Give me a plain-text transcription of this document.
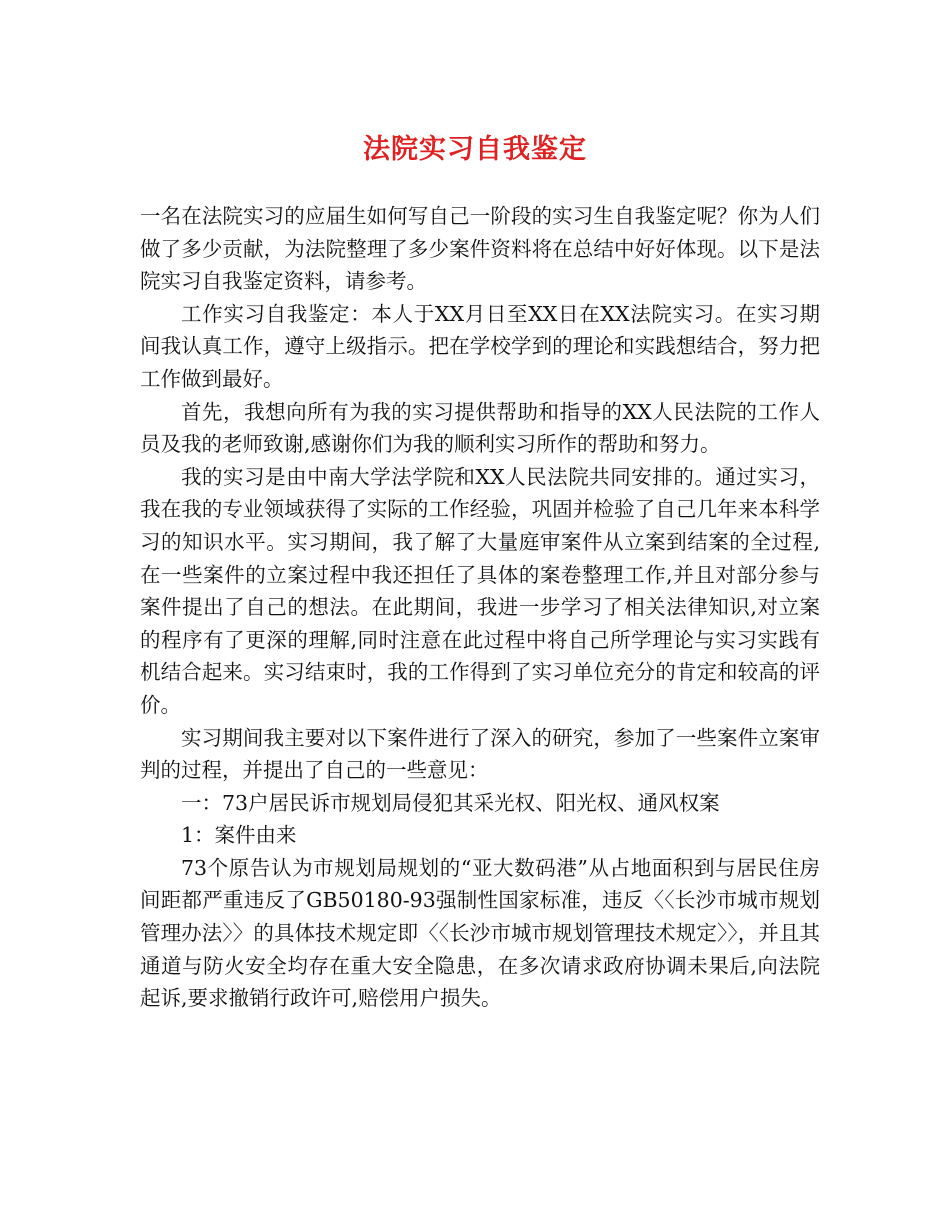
法院实习自我鉴定

一名在法院实习的应届生如何写自己一阶段的实习生自我鉴定呢？你为人们做了多少贡献，为法院整理了多少案件资料将在总结中好好体现。以下是法院实习自我鉴定资料，请参考。

工作实习自我鉴定：本人于XX月日至XX日在XX法院实习。在实习期间我认真工作，遵守上级指示。把在学校学到的理论和实践想结合，努力把工作做到最好。

首先，我想向所有为我的实习提供帮助和指导的XX人民法院的工作人员及我的老师致谢,感谢你们为我的顺利实习所作的帮助和努力。

我的实习是由中南大学法学院和XX人民法院共同安排的。通过实习，我在我的专业领域获得了实际的工作经验，巩固并检验了自己几年来本科学习的知识水平。实习期间，我了解了大量庭审案件从立案到结案的全过程,在一些案件的立案过程中我还担任了具体的案卷整理工作,并且对部分参与案件提出了自己的想法。在此期间，我进一步学习了相关法律知识,对立案的程序有了更深的理解,同时注意在此过程中将自己所学理论与实习实践有机结合起来。实习结束时，我的工作得到了实习单位充分的肯定和较高的评价。

实习期间我主要对以下案件进行了深入的研究，参加了一些案件立案审判的过程，并提出了自己的一些意见：

一：73户居民诉市规划局侵犯其采光权、阳光权、通风权案

1：案件由来

73个原告认为市规划局规划的“亚大数码港”从占地面积到与居民住房间距都严重违反了GB50180-93强制性国家标准，违反〈〈长沙市城市规划管理办法〉〉的具体技术规定即〈〈长沙市城市规划管理技术规定〉〉，并且其通道与防火安全均存在重大安全隐患，在多次请求政府协调未果后,向法院起诉,要求撤销行政许可,赔偿用户损失。
